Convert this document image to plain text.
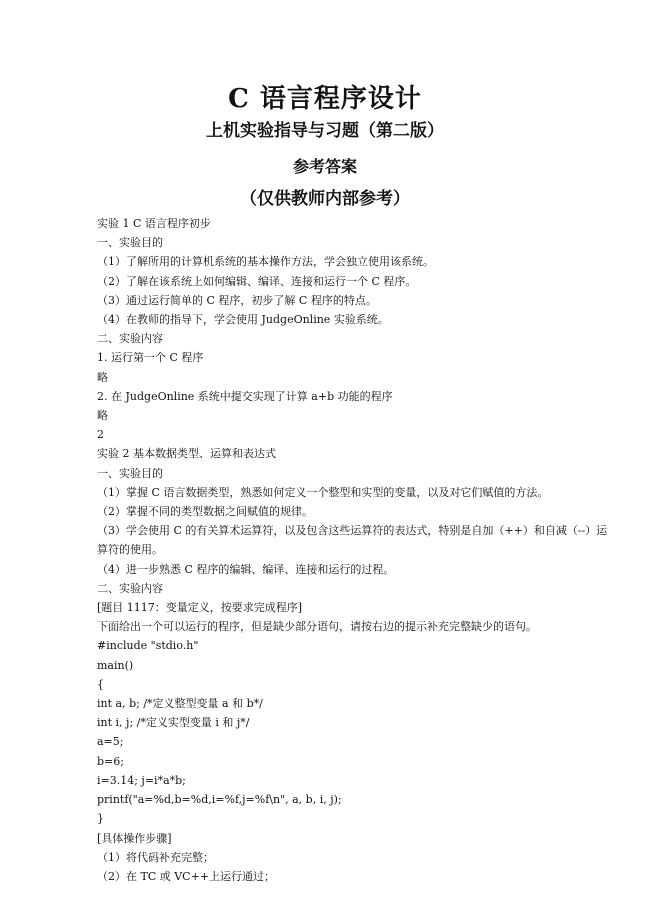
C 语言程序设计
上机实验指导与习题（第二版）
参考答案
（仅供教师内部参考）

实验 1 C 语言程序初步

一、实验目的

（1）了解所用的计算机系统的基本操作方法，学会独立使用该系统。

（2）了解在该系统上如何编辑、编译、连接和运行一个 C 程序。

（3）通过运行简单的 C 程序，初步了解 C 程序的特点。

（4）在教师的指导下，学会使用 JudgeOnline 实验系统。

二、实验内容

1. 运行第一个 C 程序

略

2. 在 JudgeOnline 系统中提交实现了计算 a+b 功能的程序

略

2

实验 2 基本数据类型、运算和表达式

一、实验目的

（1）掌握 C 语言数据类型，熟悉如何定义一个整型和实型的变量，以及对它们赋值的方法。

（2）掌握不同的类型数据之间赋值的规律。

（3）学会使用 C 的有关算术运算符，以及包含这些运算符的表达式，特别是自加（++）和自减（--）运

算符的使用。

（4）进一步熟悉 C 程序的编辑、编译、连接和运行的过程。

二、实验内容

[题目 1117：变量定义，按要求完成程序]

下面给出一个可以运行的程序，但是缺少部分语句，请按右边的提示补充完整缺少的语句。

#include "stdio.h"

main()

{

int a, b; /*定义整型变量 a 和 b*/

int i, j; /*定义实型变量 i 和 j*/

a=5;

b=6;

i=3.14; j=i*a*b;

printf("a=%d,b=%d,i=%f,j=%f\n", a, b, i, j);

}

[具体操作步骤]

（1）将代码补充完整；

（2）在 TC 或 VC++上运行通过；
